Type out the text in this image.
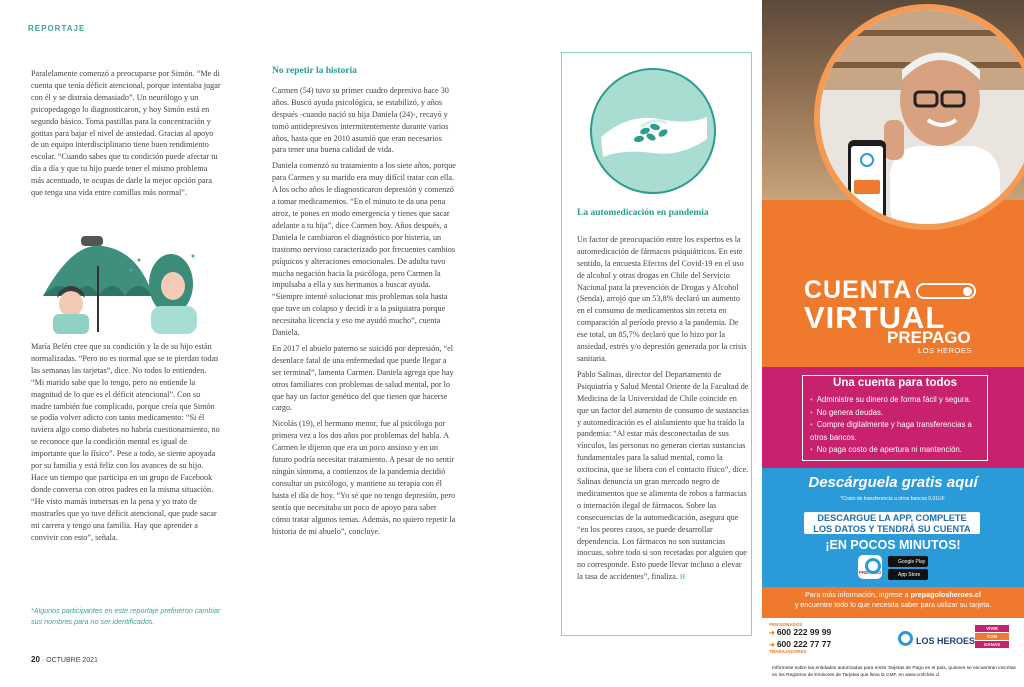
REPORTAJE

Paralelamente comenzó a preocuparse por Simón. “Me di cuenta que tenía déficit atencional, porque intentaba jugar con él y se distraía demasiado”. Un neurólogo y un psicopedagogo lo diagnosticaron, y hoy Simón está en segundo básico. Toma pastillas para la concentración y gotitas para bajar el nivel de ansiedad. Gracias al apoyo de un equipo interdisciplinario tiene buen rendimiento escolar. “Cuando sabes que tu condición puede afectar tu día a día y que tu hijo puede tener el mismo problema más acentuado, te ocupas de darle la mejor opción para que tenga una vida entre comillas más normal”.

María Belén cree que su condición y la de su hijo están normalizadas. “Pero no es normal que se te pierdan todas las semanas las tarjetas”, dice. No todos lo entienden. “Mi marido sabe que lo tengo, pero no entiende la magnitud de lo que es el déficit atencional”. Con su madre también fue complicado, porque creía que Simón se podía volver adicto con tanto medicamento: “Si él tuviera algo como diabetes no habría cuestionamiento, no se reconoce que la condición mental es igual de importante que lo físico”. Pese a todo, se siente apoyada por su familia y está feliz con los avances de su hijo. Hace un tiempo que participa en un grupo de Facebook donde conversa con otros padres en la misma situación. “He visto mamás inmersas en la pena y yo trato de mostrarles que yo tuve déficit atencional, que pude sacar mi carrera y tengo una familia. Hay que aprender a convivir con esto”, señala.

*Algunos participantes en este reportaje prefirieron cambiar sus nombres para no ser identificados.
No repetir la historia

Carmen (54) tuvo su primer cuadro depresivo hace 30 años. Buscó ayuda psicológica, se estabilizó, y años después -cuando nació su hija Daniela (24)-, recayó y tomó antidepresivos intermitentemente durante varios años, hasta que en 2010 asumió que eran necesarios para tener una buena calidad de vida.

Daniela comenzó su tratamiento a los siete años, porque para Carmen y su marido era muy difícil tratar con ella. A los ocho años le diagnosticaron depresión y comenzó a tomar medicamentos. “En el minuto te da una pena atroz, te pones en modo emergencia y tienes que sacar adelante a tu hija”, dice Carmen hoy. Años después, a Daniela le cambiaron el diagnóstico por histeria, un trastorno nervioso caracterizado por frecuentes cambios psíquicos y alteraciones emocionales. De adulta tuvo mucha negación hacia la psicóloga, pero Carmen la impulsaba a ella y sus hermanos a buscar ayuda. “Siempre intenté solucionar mis problemas sola hasta que tuve un colapso y decidí ir a la psiquiatra porque necesitaba licencia y eso me ayudó mucho”, cuenta Daniela.

En 2017 el abuelo paterno se suicidó por depresión, “el desenlace fatal de una enfermedad que puede llegar a ser terminal”, lamenta Carmen. Daniela agrega que hay otros familiares con problemas de salud mental, por lo que hay un factor genético del que tienen que hacerse cargo.

Nicolás (19), el hermano menor, fue al psicólogo por primera vez a los dos años por problemas del habla. A Carmen le dijeron que era un poco ansioso y en un futuro podría necesitar tratamiento. A pesar de no sentir ningún síntoma, a comienzos de la pandemia decidió consultar un psicólogo, y mantiene su terapia con él hasta el día de hoy. “Yo sé que no tengo depresión, pero sentía que necesitaba un poco de apoyo para saber cómo tratar algunos temas. Además, no quiero repetir la historia de mi abuelo”, concluye.

La automedicación en pandemia

Un factor de preocupación entre los expertos es la automedicación de fármacos psiquiátricos. En este sentido, la encuesta Efectos del Covid-19 en el uso de alcohol y otras drogas en Chile del Servicio Nacional para la prevención de Drogas y Alcohol (Senda), arrojó que un 53,8% declaró un aumento en el consumo de medicamentos sin receta en comparación al período previo a la pandemia. De ese total, un 85,7% declaró que lo hizo por la ansiedad, estrés y/o depresión generada por la crisis sanitaria.

Pablo Salinas, director del Departamento de Psiquiatría y Salud Mental Oriente de la Facultad de Medicina de la Universidad de Chile coincide en que un factor del aumento de consumo de sustancias y automedicación es el aislamiento que ha traído la pandemia: “Al estar más desconectadas de sus vínculos, las personas no generan ciertas sustancias fundamentales para la salud mental, como la oxitocina, que se libera con el contacto físico”, dice. Salinas denuncia un gran mercado negro de medicamentos que se alimenta de robos a farmacias o internación ilegal de fármacos. Sobre las consecuencias de la automedicación, asegura que “en los peores casos, se puede desarrollar dependencia. Los fármacos no son sustancias inocuas, sobre todo si son recetadas por alguien que no corresponde. Esto puede llevar incluso a elevar la tasa de accidentes”, finaliza. H

20 · OCTUBRE 2021
CUENTA
VIRTUAL
PREPAGO
LOS HEROES
Una cuenta para todos
• Administre su dinero de forma fácil y segura.
• No genera deudas.
• Compre digitalmente y haga transferencias a otros bancos.
• No paga costo de apertura ni mantención.
Descárguela gratis aquí
*Costo de transferencia a otros bancos 0,01UF.
DESCARGUE LA APP, COMPLETE
LOS DATOS Y TENDRÁ SU CUENTA
¡EN POCOS MINUTOS!
PREPAGO
Google Play
App Store
Para más información, ingrese a prepagolosheroes.cl
y encuentre todo lo que necesita saber para utilizar su tarjeta.
PENSIONADOS
➜ 600 222 99 99
➜ 600 222 77 77
TRABAJADORES
LOS HEROES
VIVIR
CON
GANAS
Infórmese sobre las entidades autorizadas para emitir Tarjetas de Pago en el país, quienes se encuentran inscritas en los Registros de Emisores de Tarjetas que lleva la CMF, en www.cmfchile.cl.
